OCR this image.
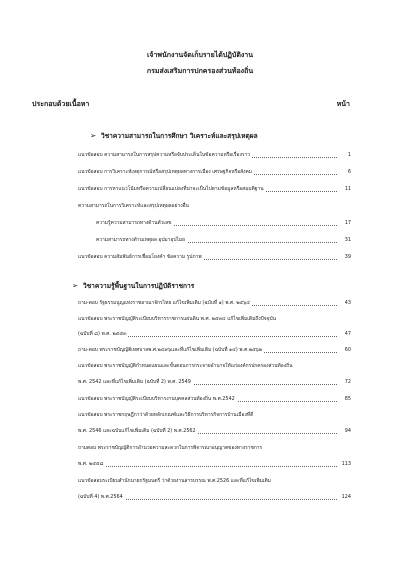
เจ้าพนักงานจัดเก็บรายได้ปฏิบัติงาน
กรมส่งเสริมการปกครองส่วนท้องถิ่น
ประกอบด้วยเนื้อหา	หน้า
➢ วิชาความสามารถในการศึกษา วิเคราะห์และสรุปเหตุผล
แนวข้อสอบ ความสามารถในการสรุปความหรือจับประเด็นในข้อความหรือเรื่องราว	1
แนวข้อสอบ การวิเคราะห์เหตุการณ์หรือสรุปเหตุผลทางการเมือง เศรษฐกิจหรือสังคม	6
แนวข้อสอบ การหาแนวโน้มหรือความเปลี่ยนแปลงที่น่าจะเป็นไปตามข้อมูลหรือสมมติฐาน	11
ความสามารถในการวิเคราะห์และสรุปเหตุผลอย่างอื่น
ความรู้ความสามารถทางด้านตัวเลข	17
ความสามารถทางด้านเหตุผล อุปมาอุปไมย	31
แนวข้อสอบ ความสัมพันธ์การเชื่อมโยงคำ ข้อความ รูปภาพ	39
➢ วิชาความรู้พื้นฐานในการปฏิบัติราชการ
ถาม-ตอบ รัฐธรรมนูญแห่งราชอาณาจักรไทย แก้ไขเพิ่มเติม (ฉบับที่ ๑) พ.ศ. ๒๕๖๔	43
แนวข้อสอบ พระราชบัญญัติระเบียบบริหารราชการแผ่นดิน พ.ศ. ๒๕๓๔ แก้ไขเพิ่มเติมถึงปัจจุบัน
(ฉบับที่ ๘) พ.ศ. ๒๕๕๓	47
ถาม-ตอบ พระราชบัญญัติเทศบาลพ.ศ.๒๔๙๖และที่แก้ไขเพิ่มเติม (ฉบับที่ ๑๔) พ.ศ.๒๕๖๒	60
แนวข้อสอบ พระราชบัญญัติกำหนดแผนและขั้นตอนการกระจายอำนาจให้แก่องค์กรปกครองส่วนท้องถิ่น
พ.ศ. 2542 และที่แก้ไขเพิ่มเติม (ฉบับที่ 2) พ.ศ. 2549	72
แนวข้อสอบ พระราชบัญญัติระเบียบบริหารงานบุคคลส่วนท้องถิ่น พ.ศ.2542	85
แนวข้อสอบ พระราชกฤษฎีกาว่าด้วยหลักเกณฑ์และวิธีการบริหารกิจการบ้านเมืองที่ดี
พ.ศ. 2546 และฉบับแก้ไขเพิ่มเติม (ฉบับที่ 2) พ.ศ.2562	94
ถามตอบ พระราชบัญญัติการอำนวยความสะดวกในการพิจารณาอนุญาตของทางราชการ
พ.ศ. ๒๕๕๘	113
แนวข้อสอบระเบียบสำนักนายกรัฐมนตรี ว่าด้วยงานสารบรรณ พ.ศ.2526 และที่แก้ไขเพิ่มเติม
(ฉบับที่ 4) พ.ศ.2564	124
